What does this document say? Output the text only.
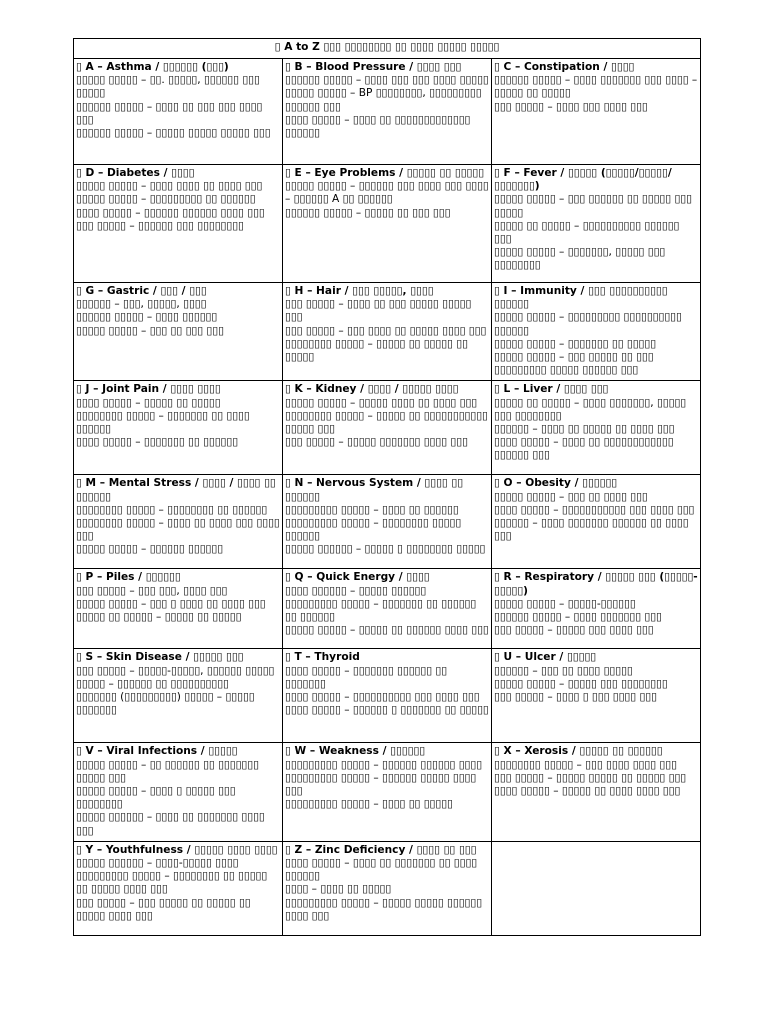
▯ A to Z ▯▯▯ ▯▯▯▯▯▯▯▯ ▯▯ ▯▯▯▯ ▯▯▯▯▯ ▯▯▯▯▯		

▯ A – Asthma / ▯▯▯▯▯▯ (▯▯▯)
▯▯▯▯▯ ▯▯▯▯▯ – ▯▯. ▯▯▯▯▯, ▯▯▯▯▯▯ ▯▯▯ ▯▯▯▯▯
▯▯▯▯▯▯ ▯▯▯▯▯ – ▯▯▯▯ ▯▯ ▯▯▯ ▯▯▯ ▯▯▯▯ ▯▯▯
▯▯▯▯▯▯ ▯▯▯▯▯ – ▯▯▯▯▯ ▯▯▯▯▯ ▯▯▯▯▯ ▯▯▯	▯ B – Blood Pressure / ▯▯▯▯ ▯▯▯
▯▯▯▯▯▯ ▯▯▯▯▯ – ▯▯▯▯ ▯▯▯ ▯▯▯ ▯▯▯▯ ▯▯▯▯▯
▯▯▯▯▯ ▯▯▯▯▯ – BP ▯▯▯▯▯▯▯▯, ▯▯▯▯▯▯▯▯▯ ▯▯▯▯▯▯ ▯▯▯
▯▯▯▯ ▯▯▯▯▯ – ▯▯▯▯ ▯▯ ▯▯▯▯▯▯▯▯▯▯▯▯▯ ▯▯▯▯▯▯	▯ C – Constipation / ▯▯▯▯
▯▯▯▯▯▯ ▯▯▯▯▯ – ▯▯▯▯ ▯▯▯▯▯▯▯ ▯▯▯ ▯▯▯▯ – ▯▯▯▯▯ ▯▯ ▯▯▯▯▯
▯▯▯ ▯▯▯▯▯ – ▯▯▯▯ ▯▯▯ ▯▯▯▯ ▯▯▯

▯ D – Diabetes / ▯▯▯▯
▯▯▯▯▯ ▯▯▯▯▯ – ▯▯▯▯ ▯▯▯▯ ▯▯ ▯▯▯▯ ▯▯▯
▯▯▯▯▯ ▯▯▯▯▯ – ▯▯▯▯▯▯▯▯▯ ▯▯ ▯▯▯▯▯▯
▯▯▯▯ ▯▯▯▯▯ – ▯▯▯▯▯▯ ▯▯▯▯▯▯ ▯▯▯▯ ▯▯▯
▯▯▯ ▯▯▯▯▯ – ▯▯▯▯▯▯ ▯▯▯ ▯▯▯▯▯▯▯▯	▯ E – Eye Problems / ▯▯▯▯▯ ▯▯ ▯▯▯▯▯
▯▯▯▯▯ ▯▯▯▯▯ – ▯▯▯▯▯▯ ▯▯▯ ▯▯▯▯ ▯▯▯ ▯▯▯▯ – ▯▯▯▯▯▯ A ▯▯ ▯▯▯▯▯▯
▯▯▯▯▯▯ ▯▯▯▯▯ – ▯▯▯▯▯ ▯▯ ▯▯▯ ▯▯▯	▯ F – Fever / ▯▯▯▯▯ (▯▯▯▯▯/▯▯▯▯▯/▯▯▯▯▯▯▯)
▯▯▯▯▯ ▯▯▯▯▯ – ▯▯▯ ▯▯▯▯▯▯ ▯▯ ▯▯▯▯▯ ▯▯▯ ▯▯▯▯▯
▯▯▯▯▯ ▯▯ ▯▯▯▯▯ – ▯▯▯▯▯▯▯▯▯▯ ▯▯▯▯▯▯ ▯▯▯
▯▯▯▯▯ ▯▯▯▯▯ – ▯▯▯▯▯▯▯, ▯▯▯▯▯ ▯▯▯ ▯▯▯▯▯▯▯▯

▯ G – Gastric / ▯▯▯ / ▯▯▯
▯▯▯▯▯▯ – ▯▯▯, ▯▯▯▯▯, ▯▯▯▯
▯▯▯▯▯▯ ▯▯▯▯▯ – ▯▯▯▯ ▯▯▯▯▯▯
▯▯▯▯▯ ▯▯▯▯▯ – ▯▯▯ ▯▯ ▯▯▯ ▯▯▯	▯ H – Hair / ▯▯▯ ▯▯▯▯▯, ▯▯▯▯
▯▯▯ ▯▯▯▯▯ – ▯▯▯▯ ▯▯ ▯▯▯ ▯▯▯▯▯ ▯▯▯▯▯ ▯▯▯
▯▯▯ ▯▯▯▯▯ – ▯▯▯ ▯▯▯▯ ▯▯ ▯▯▯▯▯ ▯▯▯▯ ▯▯▯
▯▯▯▯▯▯▯▯ ▯▯▯▯▯ – ▯▯▯▯▯ ▯▯ ▯▯▯▯▯ ▯▯ ▯▯▯▯▯	▯ I – Immunity / ▯▯▯ ▯▯▯▯▯▯▯▯▯▯ ▯▯▯▯▯▯
▯▯▯▯▯ ▯▯▯▯▯ – ▯▯▯▯▯▯▯▯▯ ▯▯▯▯▯▯▯▯▯▯ ▯▯▯▯▯▯
▯▯▯▯▯ ▯▯▯▯▯ – ▯▯▯▯▯▯▯ ▯▯ ▯▯▯▯▯
▯▯▯▯▯ ▯▯▯▯▯ – ▯▯▯ ▯▯▯▯▯ ▯▯ ▯▯▯ ▯▯▯▯▯▯▯▯▯ ▯▯▯▯▯ ▯▯▯▯▯▯ ▯▯▯

▯ J – Joint Pain / ▯▯▯▯ ▯▯▯▯
▯▯▯▯ ▯▯▯▯▯ – ▯▯▯▯▯ ▯▯ ▯▯▯▯▯
▯▯▯▯▯▯▯▯ ▯▯▯▯▯ – ▯▯▯▯▯▯▯ ▯▯ ▯▯▯▯ ▯▯▯▯▯▯
▯▯▯▯ ▯▯▯▯▯ – ▯▯▯▯▯▯▯ ▯▯ ▯▯▯▯▯▯	▯ K – Kidney / ▯▯▯▯ / ▯▯▯▯▯ ▯▯▯▯
▯▯▯▯▯ ▯▯▯▯▯ – ▯▯▯▯▯ ▯▯▯▯ ▯▯ ▯▯▯▯ ▯▯▯
▯▯▯▯▯▯▯▯ ▯▯▯▯▯ – ▯▯▯▯▯ ▯▯ ▯▯▯▯▯▯▯▯▯▯▯ ▯▯▯▯▯ ▯▯▯
▯▯▯ ▯▯▯▯▯ – ▯▯▯▯▯ ▯▯▯▯▯▯▯ ▯▯▯▯ ▯▯▯	▯ L – Liver / ▯▯▯▯ ▯▯▯
▯▯▯▯▯ ▯▯ ▯▯▯▯▯ – ▯▯▯▯ ▯▯▯▯▯▯▯, ▯▯▯▯▯ ▯▯▯ ▯▯▯▯▯▯▯▯
▯▯▯▯▯▯ – ▯▯▯▯ ▯▯ ▯▯▯▯▯ ▯▯ ▯▯▯▯ ▯▯▯
▯▯▯▯ ▯▯▯▯▯ – ▯▯▯▯ ▯▯ ▯▯▯▯▯▯▯▯▯▯▯▯ ▯▯▯▯▯▯ ▯▯▯

▯ M – Mental Stress / ▯▯▯▯ / ▯▯▯▯ ▯▯ ▯▯▯▯▯▯
▯▯▯▯▯▯▯▯ ▯▯▯▯▯ – ▯▯▯▯▯▯▯▯ ▯▯ ▯▯▯▯▯▯
▯▯▯▯▯▯▯▯ ▯▯▯▯▯ – ▯▯▯▯ ▯▯ ▯▯▯▯ ▯▯▯ ▯▯▯▯ ▯▯▯
▯▯▯▯▯ ▯▯▯▯▯ – ▯▯▯▯▯▯ ▯▯▯▯▯▯	▯ N – Nervous System / ▯▯▯▯ ▯▯ ▯▯▯▯▯▯
▯▯▯▯▯▯▯▯▯ ▯▯▯▯▯ – ▯▯▯▯ ▯▯ ▯▯▯▯▯▯
▯▯▯▯▯▯▯▯▯ ▯▯▯▯▯ – ▯▯▯▯▯▯▯▯ ▯▯▯▯▯ ▯▯▯▯▯▯
▯▯▯▯▯ ▯▯▯▯▯▯ – ▯▯▯▯▯ ▯ ▯▯▯▯▯▯▯▯ ▯▯▯▯▯	▯ O – Obesity / ▯▯▯▯▯▯
▯▯▯▯▯ ▯▯▯▯▯ – ▯▯▯ ▯▯ ▯▯▯▯ ▯▯▯
▯▯▯▯ ▯▯▯▯▯ – ▯▯▯▯▯▯▯▯▯▯▯ ▯▯▯ ▯▯▯▯ ▯▯▯
▯▯▯▯▯▯ – ▯▯▯▯ ▯▯▯▯▯▯▯ ▯▯▯▯▯▯ ▯▯ ▯▯▯▯ ▯▯▯

▯ P – Piles / ▯▯▯▯▯▯
▯▯▯ ▯▯▯▯▯ – ▯▯▯ ▯▯▯, ▯▯▯▯ ▯▯▯
▯▯▯▯▯ ▯▯▯▯▯ – ▯▯▯ ▯ ▯▯▯▯ ▯▯ ▯▯▯▯ ▯▯▯
▯▯▯▯▯ ▯▯ ▯▯▯▯▯ – ▯▯▯▯▯ ▯▯ ▯▯▯▯▯	▯ Q – Quick Energy / ▯▯▯▯
▯▯▯▯ ▯▯▯▯▯▯ – ▯▯▯▯▯ ▯▯▯▯▯▯
▯▯▯▯▯▯▯▯▯ ▯▯▯▯▯ – ▯▯▯▯▯▯▯ ▯▯ ▯▯▯▯▯▯ ▯▯ ▯▯▯▯▯▯
▯▯▯▯▯ ▯▯▯▯▯ – ▯▯▯▯▯ ▯▯ ▯▯▯▯▯▯ ▯▯▯▯ ▯▯▯	▯ R – Respiratory / ▯▯▯▯▯ ▯▯▯ (▯▯▯▯▯-▯▯▯▯▯)
▯▯▯▯▯ ▯▯▯▯▯ – ▯▯▯▯▯-▯▯▯▯▯▯
▯▯▯▯▯▯ ▯▯▯▯▯ – ▯▯▯▯ ▯▯▯▯▯▯▯ ▯▯▯
▯▯▯ ▯▯▯▯▯ – ▯▯▯▯▯ ▯▯▯ ▯▯▯▯ ▯▯▯

▯ S – Skin Disease / ▯▯▯▯▯ ▯▯▯
▯▯▯ ▯▯▯▯▯ – ▯▯▯▯▯-▯▯▯▯▯, ▯▯▯▯▯▯ ▯▯▯▯▯ ▯▯▯▯▯ – ▯▯▯▯▯▯ ▯▯ ▯▯▯▯▯▯▯▯▯▯
▯▯▯▯▯▯▯ (▯▯▯▯▯▯▯▯▯) ▯▯▯▯▯ – ▯▯▯▯▯ ▯▯▯▯▯▯▯	▯ T – Thyroid
▯▯▯▯ ▯▯▯▯▯ – ▯▯▯▯▯▯▯ ▯▯▯▯▯▯ ▯▯ ▯▯▯▯▯▯▯
▯▯▯▯ ▯▯▯▯▯ – ▯▯▯▯▯▯▯▯▯▯ ▯▯▯ ▯▯▯▯ ▯▯▯
▯▯▯▯ ▯▯▯▯▯ – ▯▯▯▯▯▯ ▯ ▯▯▯▯▯▯▯ ▯▯ ▯▯▯▯▯	▯ U – Ulcer / ▯▯▯▯▯
▯▯▯▯▯▯ – ▯▯▯ ▯▯ ▯▯▯▯ ▯▯▯▯▯
▯▯▯▯▯ ▯▯▯▯▯ – ▯▯▯▯▯ ▯▯▯ ▯▯▯▯▯▯▯▯
▯▯▯ ▯▯▯▯▯ – ▯▯▯▯ ▯ ▯▯▯ ▯▯▯▯ ▯▯▯

▯ V – Viral Infections / ▯▯▯▯▯
▯▯▯▯▯ ▯▯▯▯▯ – ▯▯ ▯▯▯▯▯▯ ▯▯ ▯▯▯▯▯▯▯ ▯▯▯▯▯ ▯▯▯
▯▯▯▯▯ ▯▯▯▯▯ – ▯▯▯▯ ▯ ▯▯▯▯▯ ▯▯▯ ▯▯▯▯▯▯▯▯
▯▯▯▯▯ ▯▯▯▯▯▯ – ▯▯▯▯ ▯▯ ▯▯▯▯▯▯▯ ▯▯▯▯ ▯▯▯	▯ W – Weakness / ▯▯▯▯▯▯
▯▯▯▯▯▯▯▯▯ ▯▯▯▯▯ – ▯▯▯▯▯▯ ▯▯▯▯▯▯ ▯▯▯▯
▯▯▯▯▯▯▯▯▯ ▯▯▯▯▯ – ▯▯▯▯▯▯ ▯▯▯▯▯ ▯▯▯▯ ▯▯▯
▯▯▯▯▯▯▯▯▯ ▯▯▯▯▯ – ▯▯▯▯ ▯▯ ▯▯▯▯▯	▯ X – Xerosis / ▯▯▯▯▯ ▯▯ ▯▯▯▯▯▯
▯▯▯▯▯▯▯▯ ▯▯▯▯▯ – ▯▯▯ ▯▯▯▯ ▯▯▯▯ ▯▯▯
▯▯▯ ▯▯▯▯▯ – ▯▯▯▯▯ ▯▯▯▯▯ ▯▯ ▯▯▯▯▯ ▯▯▯
▯▯▯▯ ▯▯▯▯▯ – ▯▯▯▯▯ ▯▯ ▯▯▯▯ ▯▯▯▯ ▯▯▯

▯ Y – Youthfulness / ▯▯▯▯▯ ▯▯▯▯ ▯▯▯▯
▯▯▯▯▯ ▯▯▯▯▯▯ – ▯▯▯▯-▯▯▯▯▯ ▯▯▯▯
▯▯▯▯▯▯▯▯▯ ▯▯▯▯▯ – ▯▯▯▯▯▯▯▯ ▯▯ ▯▯▯▯▯ ▯▯ ▯▯▯▯▯ ▯▯▯▯ ▯▯▯
▯▯▯ ▯▯▯▯▯ – ▯▯▯ ▯▯▯▯▯ ▯▯ ▯▯▯▯▯ ▯▯ ▯▯▯▯▯ ▯▯▯▯ ▯▯▯	▯ Z – Zinc Deficiency / ▯▯▯▯ ▯▯ ▯▯▯
▯▯▯▯ ▯▯▯▯▯ – ▯▯▯▯ ▯▯ ▯▯▯▯▯▯▯ ▯▯ ▯▯▯▯ ▯▯▯▯▯▯
▯▯▯▯ – ▯▯▯▯ ▯▯ ▯▯▯▯▯
▯▯▯▯▯▯▯▯▯ ▯▯▯▯▯ – ▯▯▯▯▯ ▯▯▯▯▯ ▯▯▯▯▯▯ ▯▯▯▯ ▯▯▯	
